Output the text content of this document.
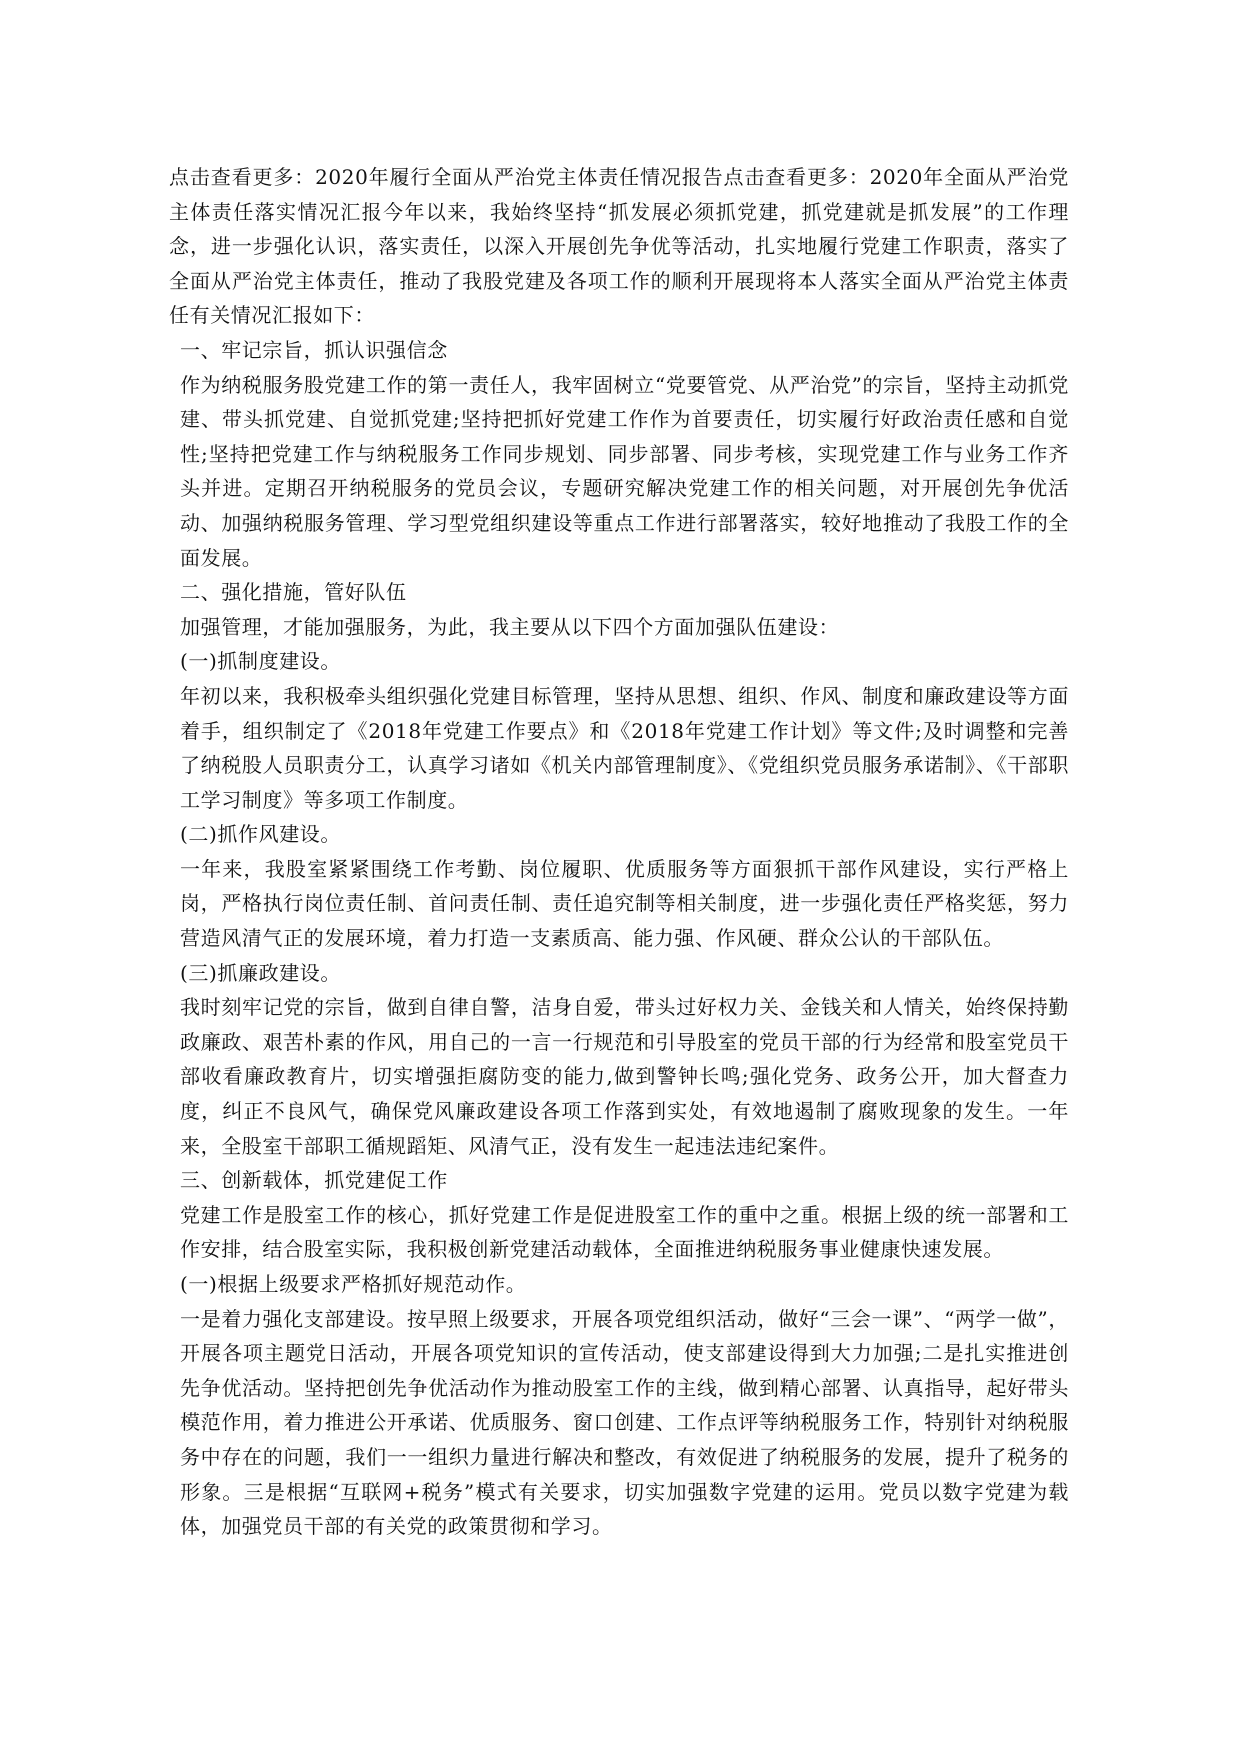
点击查看更多：2020年履行全面从严治党主体责任情况报告点击查看更多：2020年全面从严治党主体责任落实情况汇报今年以来，我始终坚持“抓发展必须抓党建，抓党建就是抓发展”的工作理念，进一步强化认识，落实责任，以深入开展创先争优等活动，扎实地履行党建工作职责，落实了全面从严治党主体责任，推动了我股党建及各项工作的顺利开展现将本人落实全面从严治党主体责任有关情况汇报如下：

一、牢记宗旨，抓认识强信念

作为纳税服务股党建工作的第一责任人，我牢固树立“党要管党、从严治党”的宗旨，坚持主动抓党建、带头抓党建、自觉抓党建;坚持把抓好党建工作作为首要责任，切实履行好政治责任感和自觉性;坚持把党建工作与纳税服务工作同步规划、同步部署、同步考核，实现党建工作与业务工作齐头并进。定期召开纳税服务的党员会议，专题研究解决党建工作的相关问题，对开展创先争优活动、加强纳税服务管理、学习型党组织建设等重点工作进行部署落实，较好地推动了我股工作的全面发展。

二、强化措施，管好队伍

加强管理，才能加强服务，为此，我主要从以下四个方面加强队伍建设：

(一)抓制度建设。

年初以来，我积极牵头组织强化党建目标管理，坚持从思想、组织、作风、制度和廉政建设等方面着手，组织制定了《2018年党建工作要点》和《2018年党建工作计划》等文件;及时调整和完善了纳税股人员职责分工，认真学习诸如《机关内部管理制度》、《党组织党员服务承诺制》、《干部职工学习制度》等多项工作制度。

(二)抓作风建设。

一年来，我股室紧紧围绕工作考勤、岗位履职、优质服务等方面狠抓干部作风建设，实行严格上岗，严格执行岗位责任制、首问责任制、责任追究制等相关制度，进一步强化责任严格奖惩，努力营造风清气正的发展环境，着力打造一支素质高、能力强、作风硬、群众公认的干部队伍。

(三)抓廉政建设。

我时刻牢记党的宗旨，做到自律自警，洁身自爱，带头过好权力关、金钱关和人情关，始终保持勤政廉政、艰苦朴素的作风，用自己的一言一行规范和引导股室的党员干部的行为经常和股室党员干部收看廉政教育片，切实增强拒腐防变的能力,做到警钟长鸣;强化党务、政务公开，加大督查力度，纠正不良风气，确保党风廉政建设各项工作落到实处，有效地遏制了腐败现象的发生。一年来，全股室干部职工循规蹈矩、风清气正，没有发生一起违法违纪案件。

三、创新载体，抓党建促工作

党建工作是股室工作的核心，抓好党建工作是促进股室工作的重中之重。根据上级的统一部署和工作安排，结合股室实际，我积极创新党建活动载体，全面推进纳税服务事业健康快速发展。

(一)根据上级要求严格抓好规范动作。

一是着力强化支部建设。按早照上级要求，开展各项党组织活动，做好“三会一课”、“两学一做”，开展各项主题党日活动，开展各项党知识的宣传活动，使支部建设得到大力加强;二是扎实推进创先争优活动。坚持把创先争优活动作为推动股室工作的主线，做到精心部署、认真指导，起好带头模范作用，着力推进公开承诺、优质服务、窗口创建、工作点评等纳税服务工作，特别针对纳税服务中存在的问题，我们一一组织力量进行解决和整改，有效促进了纳税服务的发展，提升了税务的形象。三是根据“互联网+税务”模式有关要求，切实加强数字党建的运用。党员以数字党建为载体，加强党员干部的有关党的政策贯彻和学习。
